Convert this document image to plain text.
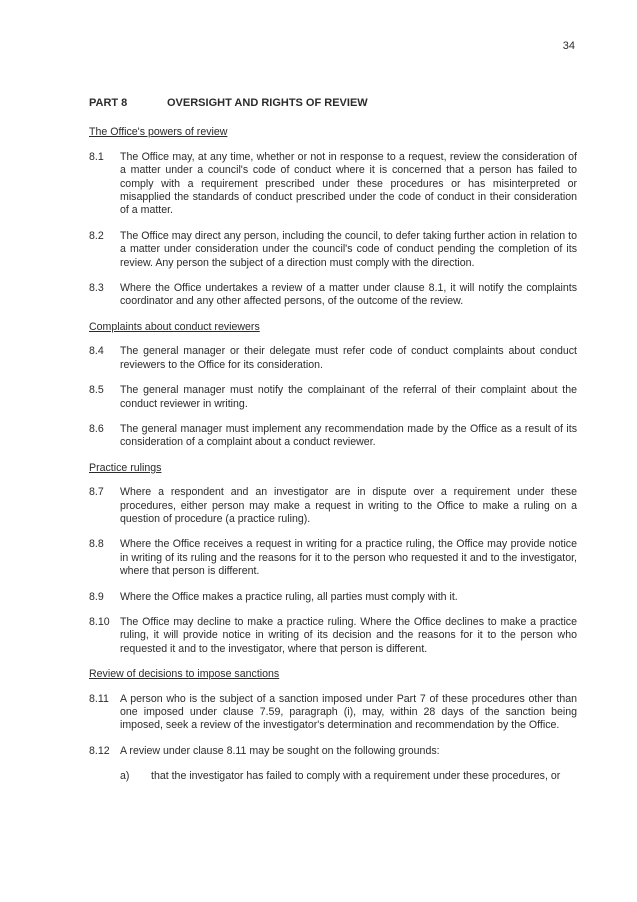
34
PART 8	OVERSIGHT AND RIGHTS OF REVIEW
The Office's powers of review
8.1	The Office may, at any time, whether or not in response to a request, review the consideration of a matter under a council's code of conduct where it is concerned that a person has failed to comply with a requirement prescribed under these procedures or has misinterpreted or misapplied the standards of conduct prescribed under the code of conduct in their consideration of a matter.
8.2	The Office may direct any person, including the council, to defer taking further action in relation to a matter under consideration under the council's code of conduct pending the completion of its review. Any person the subject of a direction must comply with the direction.
8.3	Where the Office undertakes a review of a matter under clause 8.1, it will notify the complaints coordinator and any other affected persons, of the outcome of the review.
Complaints about conduct reviewers
8.4	The general manager or their delegate must refer code of conduct complaints about conduct reviewers to the Office for its consideration.
8.5	The general manager must notify the complainant of the referral of their complaint about the conduct reviewer in writing.
8.6	The general manager must implement any recommendation made by the Office as a result of its consideration of a complaint about a conduct reviewer.
Practice rulings
8.7	Where a respondent and an investigator are in dispute over a requirement under these procedures, either person may make a request in writing to the Office to make a ruling on a question of procedure (a practice ruling).
8.8	Where the Office receives a request in writing for a practice ruling, the Office may provide notice in writing of its ruling and the reasons for it to the person who requested it and to the investigator, where that person is different.
8.9	Where the Office makes a practice ruling, all parties must comply with it.
8.10 The Office may decline to make a practice ruling. Where the Office declines to make a practice ruling, it will provide notice in writing of its decision and the reasons for it to the person who requested it and to the investigator, where that person is different.
Review of decisions to impose sanctions
8.11	A person who is the subject of a sanction imposed under Part 7 of these procedures other than one imposed under clause 7.59, paragraph (i), may, within 28 days of the sanction being imposed, seek a review of the investigator's determination and recommendation by the Office.
8.12 A review under clause 8.11 may be sought on the following grounds:
a)	that the investigator has failed to comply with a requirement under these procedures, or
